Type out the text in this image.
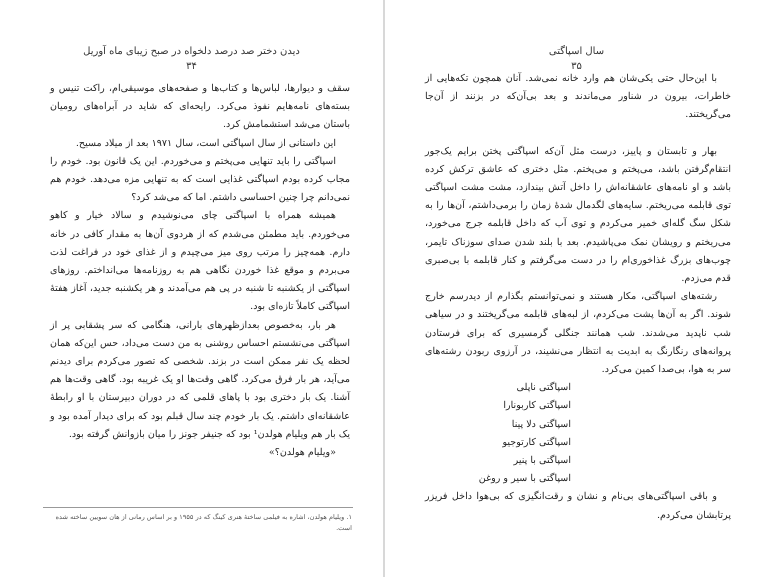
دیدن دختر صد درصد دلخواه در صبح زیبای ماه آوریل
۳۴

سقف و دیوارها، لباس‌ها و کتاب‌ها و صفحه‌های موسیقی‌ام، راکت تنیس و بسته‌های نامه‌هایم نفوذ می‌کرد. رایحه‌ای که شاید در آبراه‌های رومیان باستان می‌شد استشمامش کرد.

این داستانی از سال اسپاگتی است، سال ۱۹۷۱ بعد از میلاد مسیح.

اسپاگتی را باید تنهایی می‌پختم و می‌خوردم. این یک قانون بود. خودم را مجاب کرده بودم اسپاگتی غذایی است که به تنهایی مزه می‌دهد. خودم هم نمی‌دانم چرا چنین احساسی داشتم. اما که می‌شد کرد؟

همیشه همراه با اسپاگتی چای می‌نوشیدم و سالاد خیار و کاهو می‌خوردم. باید مطمئن می‌شدم که از هردوی آن‌ها به مقدار کافی در خانه دارم. همه‌چیز را مرتب روی میز می‌چیدم و از غذای خود در فراغت لذت می‌بردم و موقع غذا خوردن نگاهی هم به روزنامه‌ها می‌انداختم. روزهای اسپاگتی از یکشنبه تا شنبه در پی هم می‌آمدند و هر یکشنبه جدید، آغاز هفتهٔ اسپاگتی کاملاً تازه‌ای بود.

هر بار، به‌خصوص بعدازظهرهای بارانی، هنگامی که سر پشقابی پر از اسپاگتی می‌نشستم احساس روشنی به من دست می‌داد، حس این‌که همان لحظه یک نفر ممکن است در بزند. شخصی که تصور می‌کردم برای دیدنم می‌آید، هر بار فرق می‌کرد. گاهی وقت‌ها او یک غریبه بود. گاهی وقت‌ها هم آشنا. یک بار دختری بود با پاهای قلمی که در دوران دبیرستان با او رابطهٔ عاشقانه‌ای داشتم. یک بار خودم چند سال قبلم بود که برای دیدار آمده بود و یک بار هم ویلیام هولدن¹ بود که جنیفر جونز را میان بازوانش گرفته بود.

«ویلیام هولدن؟»

۱. ویلیام هولدن، اشاره به فیلمی ساختهٔ هنری کینگ که در ۱۹۵۵ و بر اساس رمانی از هان سویین ساخته شده است.
سال اسپاگتی
۳۵

با این‌حال حتی یکی‌شان هم وارد خانه نمی‌شد. آنان همچون تکه‌هایی از خاطرات، بیرون در شناور می‌ماندند و بعد بی‌آن‌که در بزنند از آن‌جا می‌گریختند.

بهار و تابستان و پاییز، درست مثل آن‌که اسپاگتی پختن برایم یک‌جور انتقام‌گرفتن باشد، می‌پختم و می‌پختم. مثل دختری که عاشق ترکش کرده باشد و او نامه‌های عاشقانه‌اش را داخل آتش بیندازد، مشت مشت اسپاگتی توی قابلمه می‌ریختم. سایه‌های لگدمال شدهٔ زمان را برمی‌داشتم، آن‌ها را به شکل سگ گله‌ای خمیر می‌کردم و توی آب که داخل قابلمه جرج می‌خورد، می‌ریختم و رویشان نمک می‌پاشیدم. بعد با بلند شدن صدای سوزناک تایمر، چوب‌های بزرگ غذاخوری‌ام را در دست می‌گرفتم و کنار قابلمه با بی‌صبری قدم می‌زدم.

رشته‌های اسپاگتی، مکار هستند و نمی‌توانستم بگذارم از دیدرسم خارج شوند. اگر به آن‌ها پشت می‌کردم، از لبه‌های قابلمه می‌گریختند و در سیاهی شب ناپدید می‌شدند. شب همانند جنگلی گرمسیری که برای فرستادن پروانه‌های رنگارنگ به ابدیت به انتظار می‌نشیند، در آرزوی ربودن رشته‌های سر به هوا، بی‌صدا کمین می‌کرد.

اسپاگتی ناپلی
اسپاگتی کاربونارا
اسپاگتی دلا پینا
اسپاگتی کارتوجیو
اسپاگتی با پنیر
اسپاگتی با سیر و روغن

و باقی اسپاگتی‌های بی‌نام و نشان و رقت‌انگیزی که بی‌هوا داخل فریزر پرتابشان می‌کردم.
